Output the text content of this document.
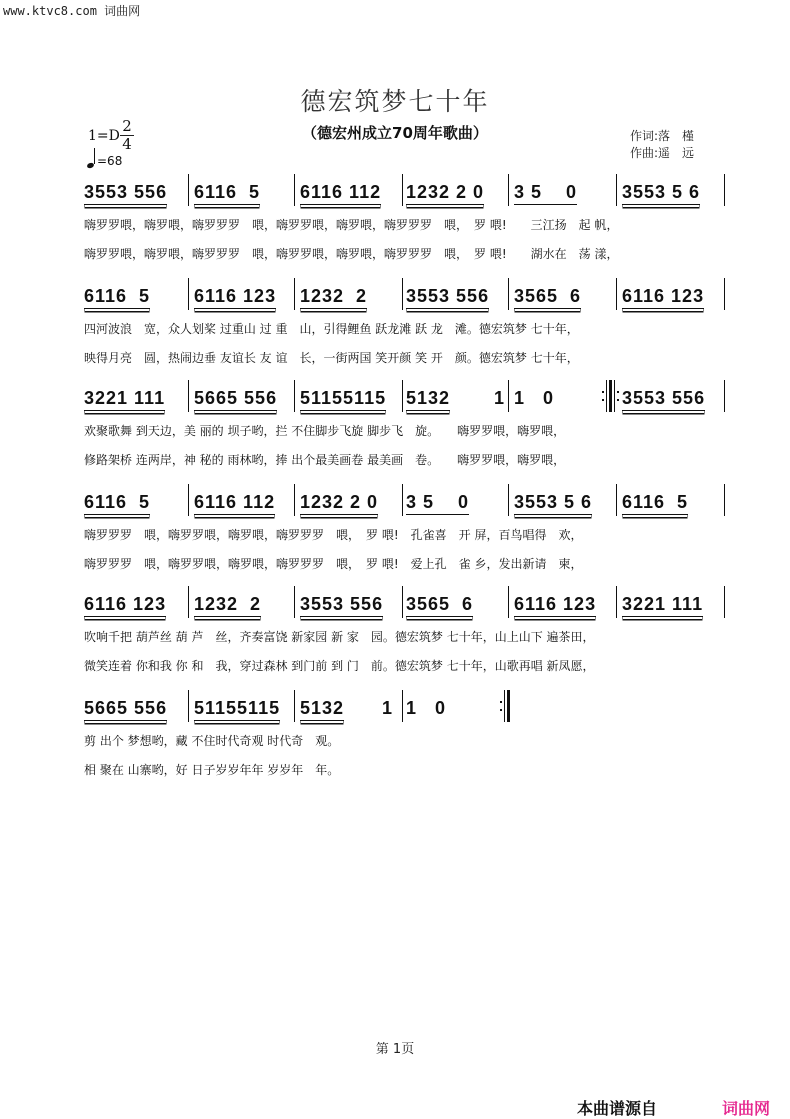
www.ktvc8.com 词曲网
德宏筑梦七十年
（德宏州成立70周年歌曲）
$1=D \frac{2}{4}$
=68
作词:落　槿
作曲:遥　远
3553 556 6116  5 6116 112 1232 2 0 3 5    0 3553 5 6
嗨罗罗喂，嗨罗喂，嗨罗罗罗　喂，嗨罗罗喂，嗨罗喂，嗨罗罗罗　喂，　罗 喂!　　三江扬　起 帆，
嗨罗罗喂，嗨罗喂，嗨罗罗罗　喂，嗨罗罗喂，嗨罗喂，嗨罗罗罗　喂，　罗 喂!　　湖水在　荡 漾，
6116  5 6116 123 1232  2 3553 556 3565  6 6116 123
四河波浪　宽，众人划桨 过重山 过 重　山，引得鲤鱼 跃龙滩 跃 龙　滩。德宏筑梦 七十年，
映得月亮　圆，热闹边垂 友谊长 友 谊　长，一街两国 笑开颜 笑 开　颜。德宏筑梦 七十年，
3221 111 5665 556 51155115 5132 1 1   0	3553 556
欢聚歌舞 到天边，美 丽的 坝子哟，拦 不住脚步飞旋 脚步飞　旋。　　嗨罗罗喂，嗨罗喂，
修路架桥 连两岸，神 秘的 雨林哟，捧 出个最美画卷 最美画　卷。　　嗨罗罗喂，嗨罗喂，
6116  5 6116 112 1232 2 0 3 5    0 3553 5 6 6116  5
嗨罗罗罗　喂，嗨罗罗喂，嗨罗喂，嗨罗罗罗　喂，　罗 喂!　孔雀喜　开 屏，百鸟唱得　欢，
嗨罗罗罗　喂，嗨罗罗喂，嗨罗喂，嗨罗罗罗　喂，　罗 喂!　爱上孔　雀 乡，发出新请　柬，
6116 123 1232  2 3553 556 3565  6 6116 123 3221 111
吹响千把 葫芦丝 葫 芦　丝，齐奏富饶 新家园 新 家　园。德宏筑梦 七十年，山上山下 遍茶田，
微笑连着 你和我 你 和　我，穿过森林 到门前 到 门　前。德宏筑梦 七十年，山歌再唱 新凤愿，
5665 556 51155115 5132 1 1   0
剪 出个 梦想哟，藏 不住时代奇观 时代奇　观。
相 聚在 山寨哟，好 日子岁岁年年 岁岁年　年。
第 1页
本曲谱源自	词曲网
